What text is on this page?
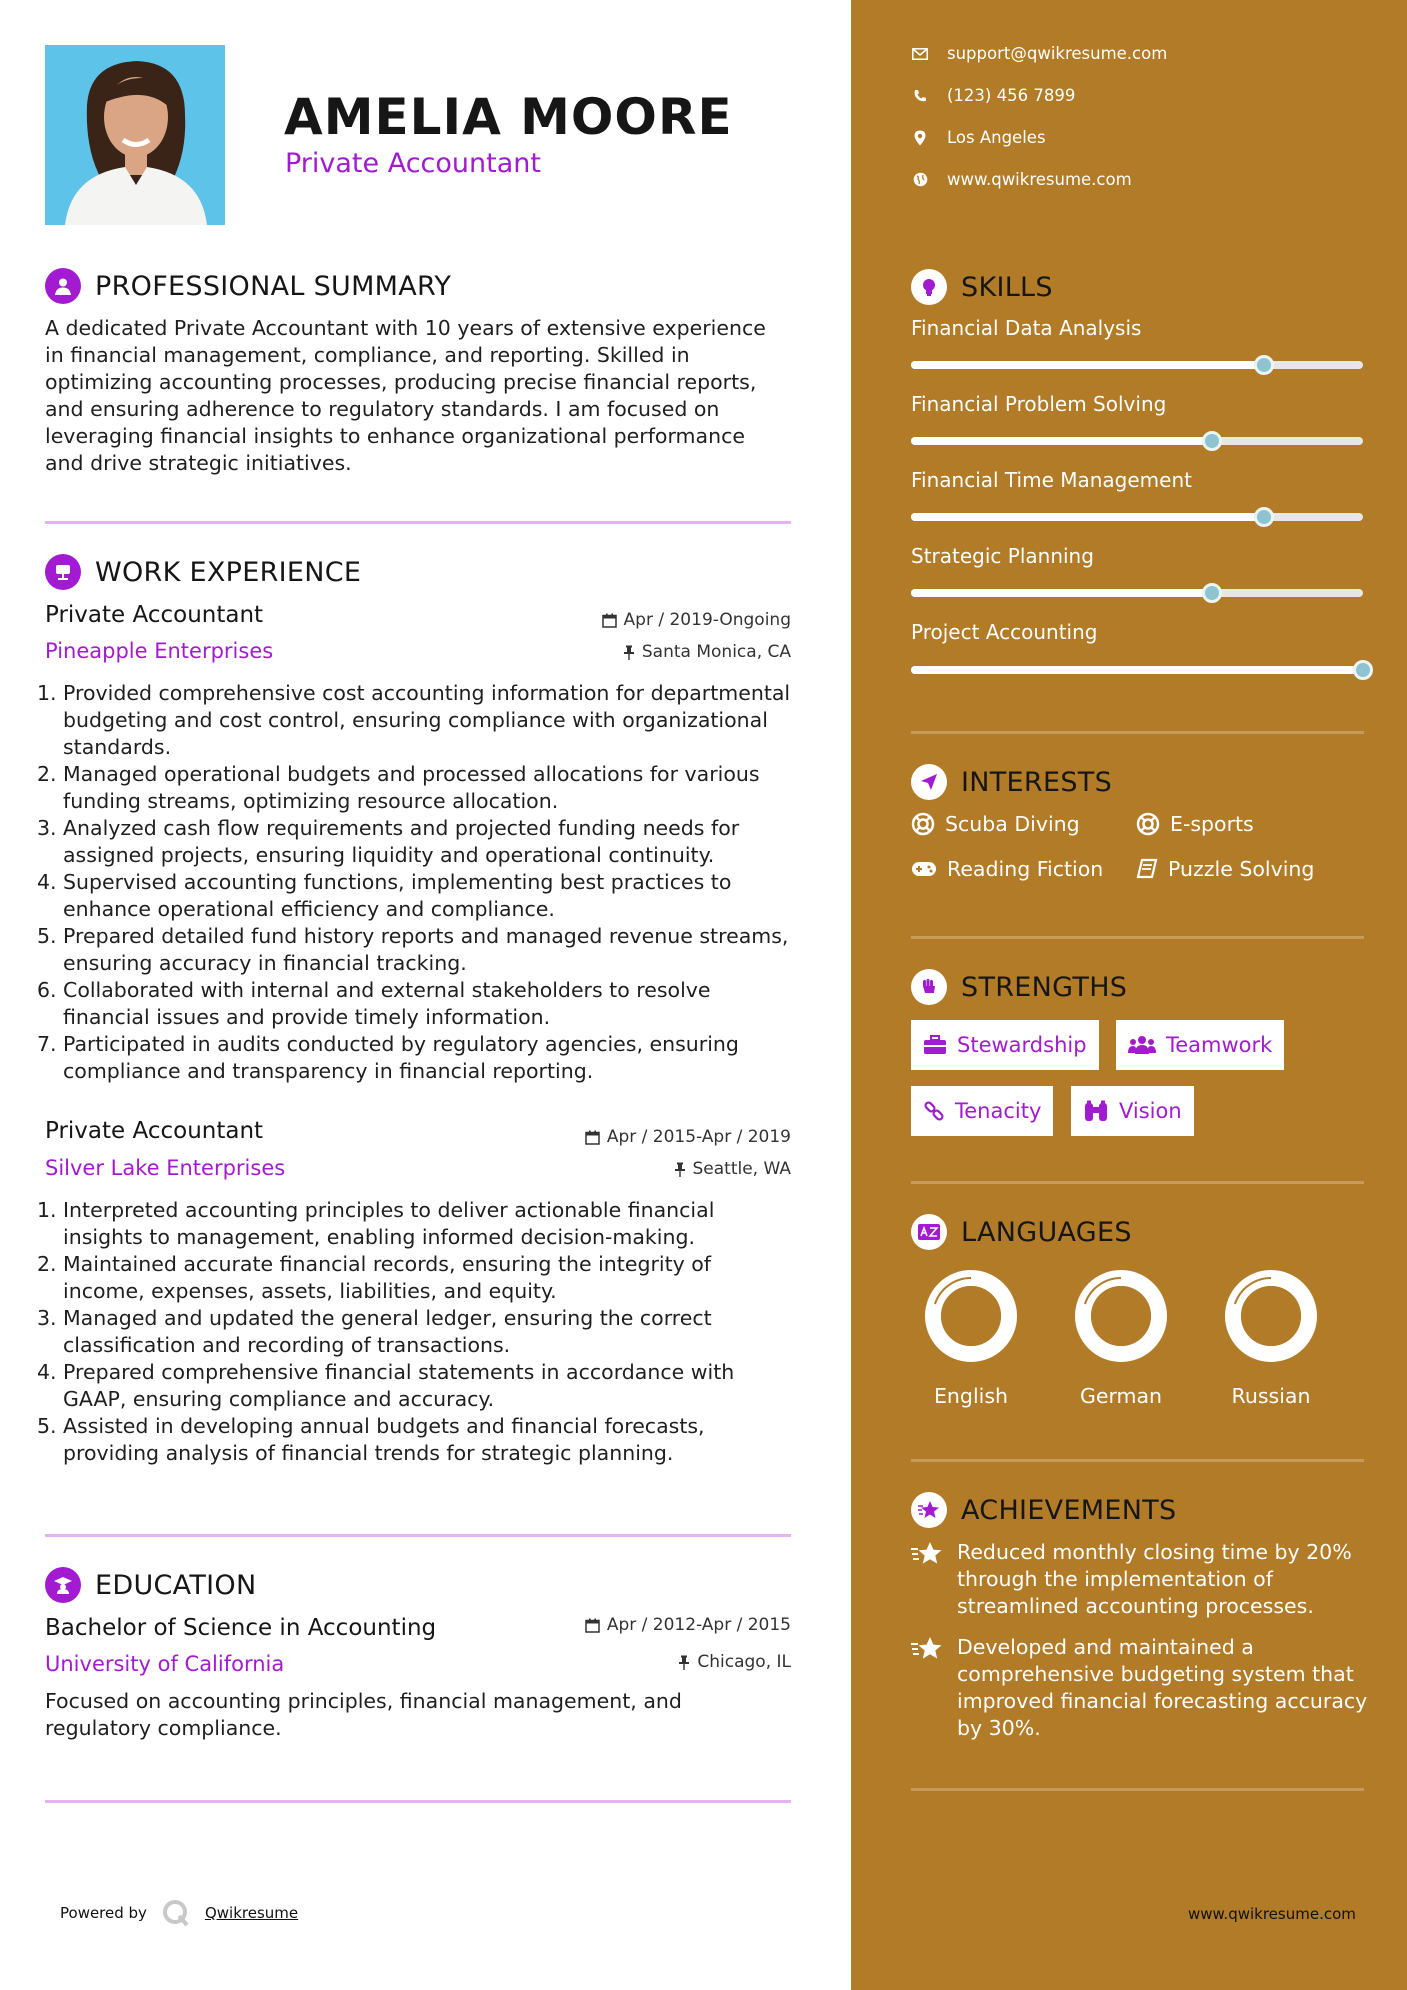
AMELIA MOORE
Private Accountant
PROFESSIONAL SUMMARY
A dedicated Private Accountant with 10 years of extensive experience in financial management, compliance, and reporting. Skilled in optimizing accounting processes, producing precise financial reports, and ensuring adherence to regulatory standards. I am focused on leveraging financial insights to enhance organizational performance and drive strategic initiatives.
WORK EXPERIENCE
Private Accountant	Apr / 2019-Ongoing
Pineapple Enterprises	Santa Monica, CA
Provided comprehensive cost accounting information for departmental budgeting and cost control, ensuring compliance with organizational standards.
Managed operational budgets and processed allocations for various funding streams, optimizing resource allocation.
Analyzed cash flow requirements and projected funding needs for assigned projects, ensuring liquidity and operational continuity.
Supervised accounting functions, implementing best practices to enhance operational efficiency and compliance.
Prepared detailed fund history reports and managed revenue streams, ensuring accuracy in financial tracking.
Collaborated with internal and external stakeholders to resolve financial issues and provide timely information.
Participated in audits conducted by regulatory agencies, ensuring compliance and transparency in financial reporting.
Private Accountant	Apr / 2015-Apr / 2019
Silver Lake Enterprises	Seattle, WA
Interpreted accounting principles to deliver actionable financial insights to management, enabling informed decision-making.
Maintained accurate financial records, ensuring the integrity of income, expenses, assets, liabilities, and equity.
Managed and updated the general ledger, ensuring the correct classification and recording of transactions.
Prepared comprehensive financial statements in accordance with GAAP, ensuring compliance and accuracy.
Assisted in developing annual budgets and financial forecasts, providing analysis of financial trends for strategic planning.
EDUCATION
Bachelor of Science in Accounting	Apr / 2012-Apr / 2015
University of California	Chicago, IL
Focused on accounting principles, financial management, and regulatory compliance.
Powered by	Qwikresume
support@qwikresume.com
(123) 456 7899
Los Angeles
www.qwikresume.com
SKILLS
Financial Data Analysis
Financial Problem Solving
Financial Time Management
Strategic Planning
Project Accounting
INTERESTS
Scuba Diving	E-sports
Reading Fiction	Puzzle Solving
STRENGTHS
Stewardship	Teamwork
Tenacity	Vision
LANGUAGES
English	German	Russian
ACHIEVEMENTS
Reduced monthly closing time by 20% through the implementation of streamlined accounting processes.
Developed and maintained a comprehensive budgeting system that improved financial forecasting accuracy by 30%.
www.qwikresume.com
